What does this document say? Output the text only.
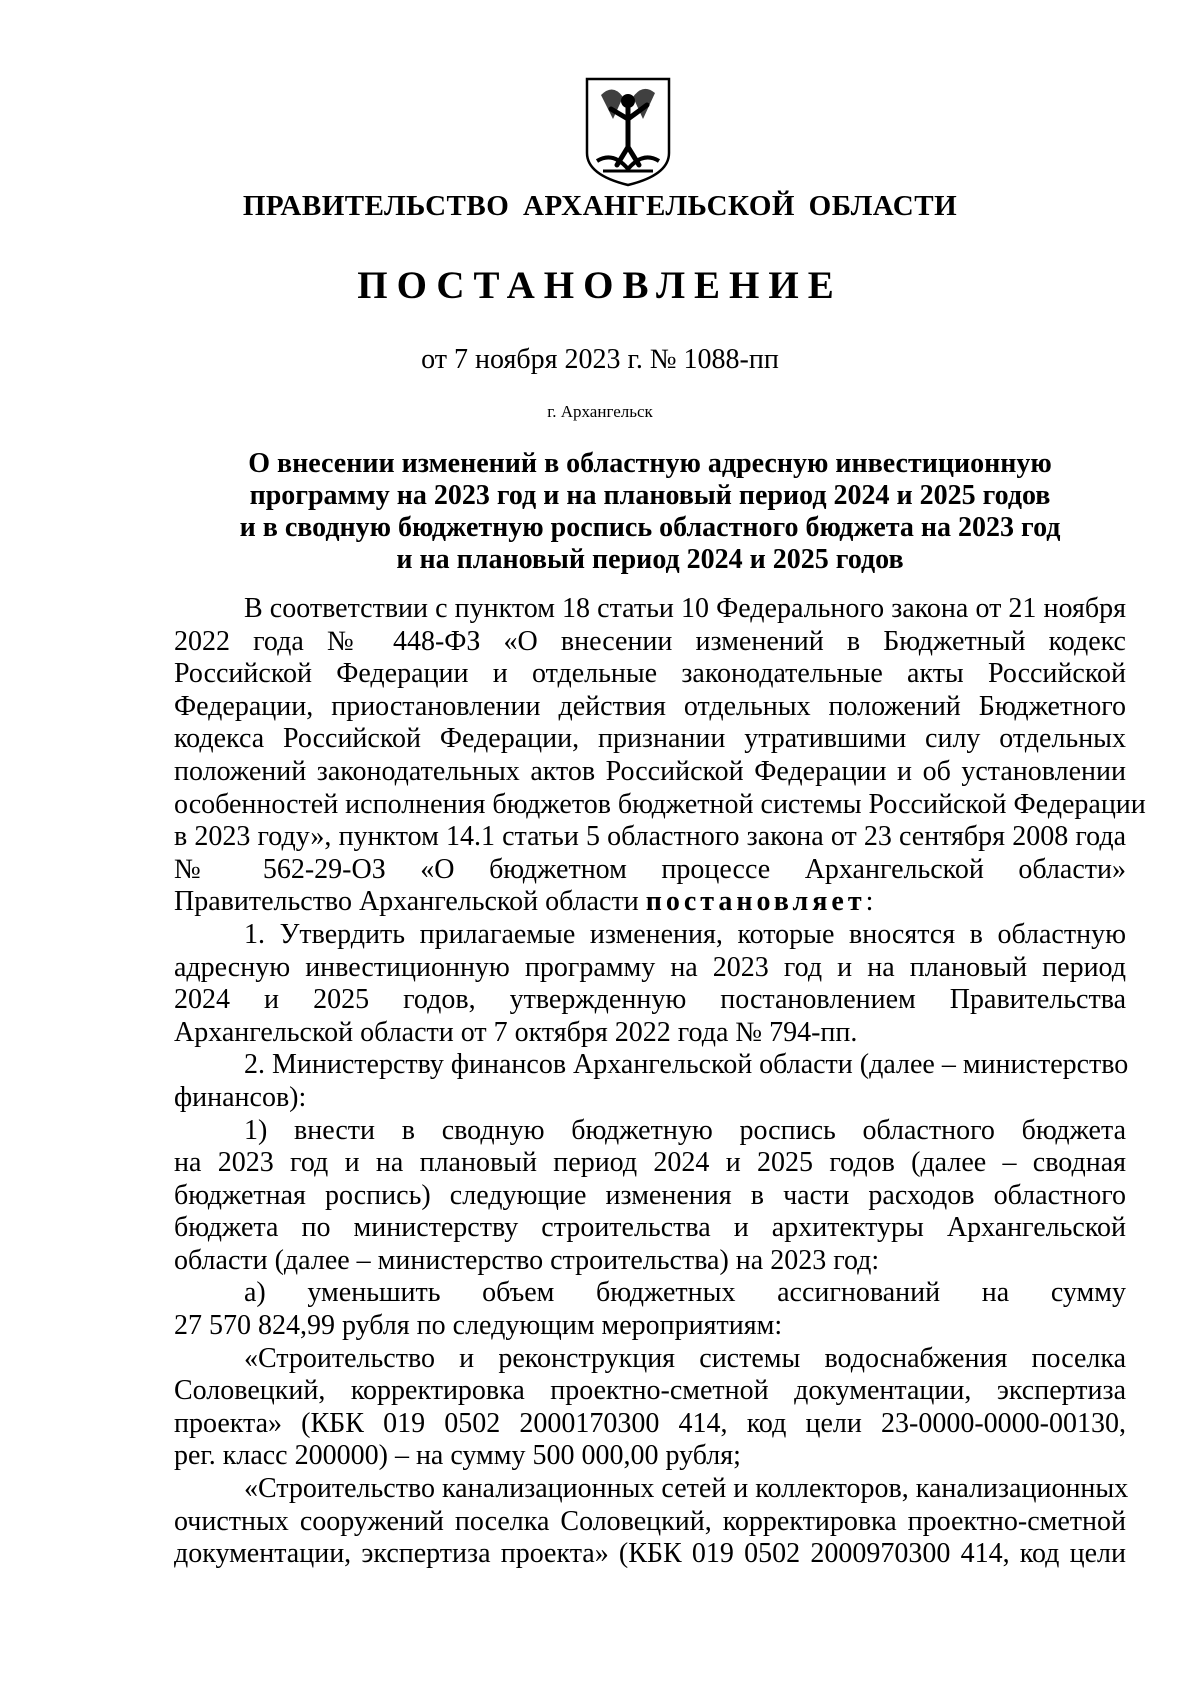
ПРАВИТЕЛЬСТВО АРХАНГЕЛЬСКОЙ ОБЛАСТИ
ПОСТАНОВЛЕНИЕ
от 7 ноября 2023 г. № 1088-пп
г. Архангельск
О внесении изменений в областную адресную инвестиционную
программу на 2023 год и на плановый период 2024 и 2025 годов
и в сводную бюджетную роспись областного бюджета на 2023 год
и на плановый период 2024 и 2025 годов
В соответствии с пунктом 18 статьи 10 Федерального закона от 21 ноября
2022 года № 448-ФЗ «О внесении изменений в Бюджетный кодекс
Российской Федерации и отдельные законодательные акты Российской
Федерации, приостановлении действия отдельных положений Бюджетного
кодекса Российской Федерации, признании утратившими силу отдельных
положений законодательных актов Российской Федерации и об установлении
особенностей исполнения бюджетов бюджетной системы Российской Федерации
в 2023 году», пунктом 14.1 статьи 5 областного закона от 23 сентября 2008 года
№ 562-29-ОЗ «О бюджетном процессе Архангельской области»
Правительство Архангельской области постановляет:
1. Утвердить прилагаемые изменения, которые вносятся в областную
адресную инвестиционную программу на 2023 год и на плановый период
2024 и 2025 годов, утвержденную постановлением Правительства
Архангельской области от 7 октября 2022 года № 794-пп.
2. Министерству финансов Архангельской области (далее – министерство
финансов):
1) внести в сводную бюджетную роспись областного бюджета
на 2023 год и на плановый период 2024 и 2025 годов (далее – сводная
бюджетная роспись) следующие изменения в части расходов областного
бюджета по министерству строительства и архитектуры Архангельской
области (далее – министерство строительства) на 2023 год:
а) уменьшить объем бюджетных ассигнований на сумму
27 570 824,99 рубля по следующим мероприятиям:
«Строительство и реконструкция системы водоснабжения поселка
Соловецкий, корректировка проектно-сметной документации, экспертиза
проекта» (КБК 019 0502 2000170300 414, код цели 23-0000-0000-00130,
рег. класс 200000) – на сумму 500 000,00 рубля;
«Строительство канализационных сетей и коллекторов, канализационных
очистных сооружений поселка Соловецкий, корректировка проектно-сметной
документации, экспертиза проекта» (КБК 019 0502 2000970300 414, код цели
